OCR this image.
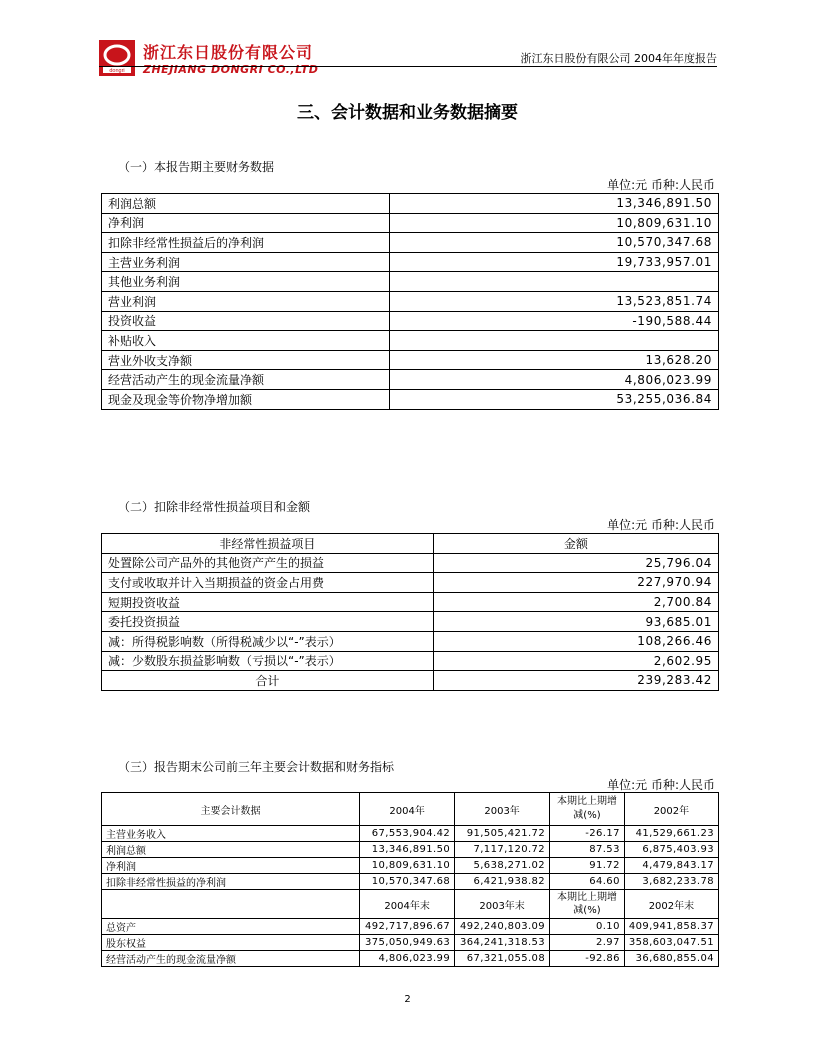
dongri
浙江东日股份有限公司
ZHEJIANG DONGRI CO.,LTD
浙江东日股份有限公司 2004年年度报告
三、会计数据和业务数据摘要
（一）本报告期主要财务数据
单位:元 币种:人民币
利润总额	13,346,891.50
净利润	10,809,631.10
扣除非经常性损益后的净利润	10,570,347.68
主营业务利润	19,733,957.01
其他业务利润	
营业利润	13,523,851.74
投资收益	-190,588.44
补贴收入	
营业外收支净额	13,628.20
经营活动产生的现金流量净额	4,806,023.99
现金及现金等价物净增加额	53,255,036.84
（二）扣除非经常性损益项目和金额
单位:元 币种:人民币
非经常性损益项目	金额
处置除公司产品外的其他资产产生的损益	25,796.04
支付或收取并计入当期损益的资金占用费	227,970.94
短期投资收益	2,700.84
委托投资损益	93,685.01
减：所得税影响数（所得税减少以“-”表示）	108,266.46
减：少数股东损益影响数（亏损以“-”表示）	2,602.95
合计	239,283.42
（三）报告期末公司前三年主要会计数据和财务指标
单位:元 币种:人民币
主要会计数据	2004年	2003年	本期比上期增减(%)	2002年
主营业务收入	67,553,904.42	91,505,421.72	-26.17	41,529,661.23
利润总额	13,346,891.50	7,117,120.72	87.53	6,875,403.93
净利润	10,809,631.10	5,638,271.02	91.72	4,479,843.17
扣除非经常性损益的净利润	10,570,347.68	6,421,938.82	64.60	3,682,233.78
	2004年末	2003年末	本期比上期增减(%)	2002年末
总资产	492,717,896.67	492,240,803.09	0.10	409,941,858.37
股东权益	375,050,949.63	364,241,318.53	2.97	358,603,047.51
经营活动产生的现金流量净额	4,806,023.99	67,321,055.08	-92.86	36,680,855.04
2
